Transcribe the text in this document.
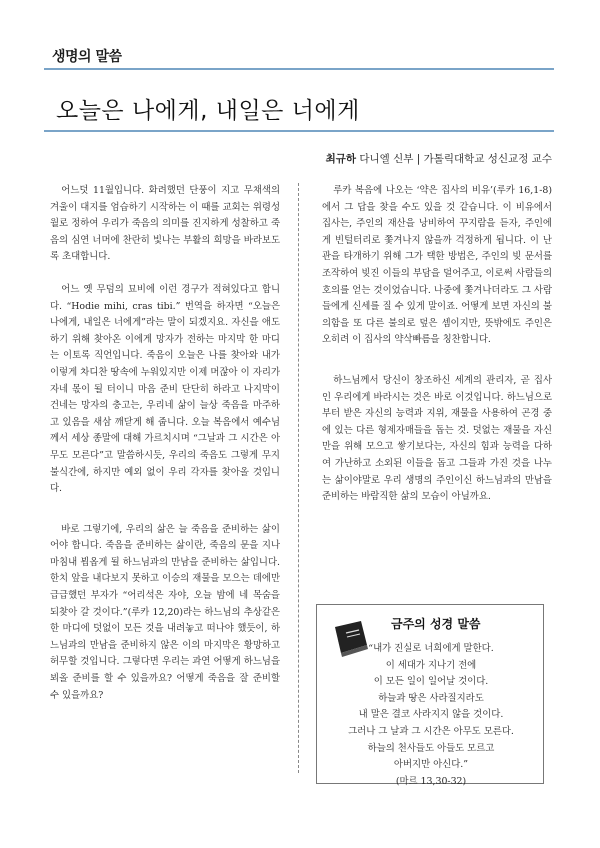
생명의 말씀
오늘은 나에게, 내일은 너에게
최규하 다니엘 신부 | 가톨릭대학교 성신교정 교수

어느덧 11월입니다. 화려했던 단풍이 지고 무채색의 겨울이 대지를 엄습하기 시작하는 이 때를 교회는 위령성월로 정하여 우리가 죽음의 의미를 진지하게 성찰하고 죽음의 심연 너머에 찬란히 빛나는 부활의 희망을 바라보도록 초대합니다.

어느 옛 무덤의 묘비에 이런 경구가 적혀있다고 합니다. “Hodie mihi, cras tibi.” 번역을 하자면 “오늘은 나에게, 내일은 너에게”라는 말이 되겠지요. 자신을 애도하기 위해 찾아온 이에게 망자가 전하는 마지막 한 마디는 이토록 직언입니다. 죽음이 오늘은 나를 찾아와 내가 이렇게 차디찬 땅속에 누워있지만 이제 머잖아 이 자리가 자네 몫이 될 터이니 마음 준비 단단히 하라고 나지막이 건네는 망자의 충고는, 우리네 삶이 늘상 죽음을 마주하고 있음을 새삼 깨닫게 해 줍니다. 오늘 복음에서 예수님께서 세상 종말에 대해 가르치시며 “그날과 그 시간은 아무도 모른다”고 말씀하시듯, 우리의 죽음도 그렇게 무지불식간에, 하지만 예외 없이 우리 각자를 찾아올 것입니다.

바로 그렇기에, 우리의 삶은 늘 죽음을 준비하는 삶이어야 합니다. 죽음을 준비하는 삶이란, 죽음의 문을 지나 마침내 뵙옵게 될 하느님과의 만남을 준비하는 삶입니다. 한치 앞을 내다보지 못하고 이승의 재물을 모으는 데에만 급급했던 부자가 “어리석은 자야, 오늘 밤에 네 목숨을 되찾아 갈 것이다.”(루카 12,20)라는 하느님의 추상같은 한 마디에 덧없이 모든 것을 내려놓고 떠나야 했듯이, 하느님과의 만남을 준비하지 않은 이의 마지막은 황망하고 허무할 것입니다. 그렇다면 우리는 과연 어떻게 하느님을 뵈올 준비를 할 수 있을까요? 어떻게 죽음을 잘 준비할 수 있을까요?

루카 복음에 나오는 ‘약은 집사의 비유’(루카 16,1-8)에서 그 답을 찾을 수도 있을 것 같습니다. 이 비유에서 집사는, 주인의 재산을 낭비하여 꾸지람을 듣자, 주인에게 빈털터리로 쫓겨나지 않을까 걱정하게 됩니다. 이 난관을 타개하기 위해 그가 택한 방법은, 주인의 빚 문서를 조작하여 빚진 이들의 부담을 덜어주고, 이로써 사람들의 호의를 얻는 것이었습니다. 나중에 쫓겨나더라도 그 사람들에게 신세를 질 수 있게 말이죠. 어떻게 보면 자신의 불의함을 또 다른 불의로 덮은 셈이지만, 뜻밖에도 주인은 오히려 이 집사의 약삭빠름을 칭찬합니다.

하느님께서 당신이 창조하신 세계의 관리자, 곧 집사인 우리에게 바라시는 것은 바로 이것입니다. 하느님으로부터 받은 자신의 능력과 지위, 재물을 사용하여 곤경 중에 있는 다른 형제자매들을 돕는 것. 덧없는 재물을 자신만을 위해 모으고 쌓기보다는, 자신의 힘과 능력을 다하여 가난하고 소외된 이들을 돕고 그들과 가진 것을 나누는 삶이야말로 우리 생명의 주인이신 하느님과의 만남을 준비하는 바람직한 삶의 모습이 아닐까요.

금주의 성경 말씀
“내가 진실로 너희에게 말한다.
이 세대가 지나기 전에
이 모든 일이 일어날 것이다.
하늘과 땅은 사라질지라도
내 말은 결코 사라지지 않을 것이다.
그러나 그 날과 그 시간은 아무도 모른다.
하늘의 천사들도 아들도 모르고
아버지만 아신다.”
(마르 13,30-32)
